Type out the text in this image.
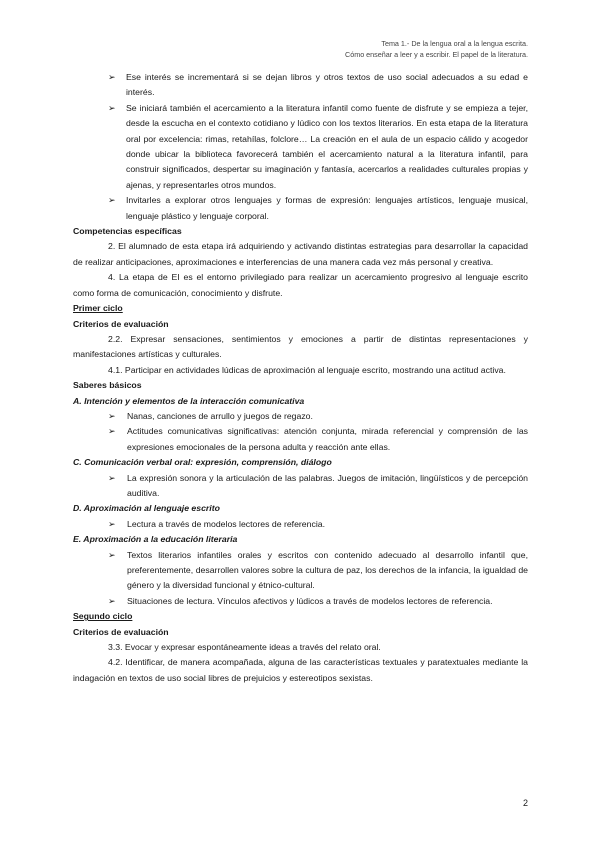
Tema 1.- De la lengua oral a la lengua escrita.
Cómo enseñar a leer y a escribir. El papel de la literatura.
➢ Ese interés se incrementará si se dejan libros y otros textos de uso social adecuados a su edad e interés.
➢ Se iniciará también el acercamiento a la literatura infantil como fuente de disfrute y se empieza a tejer, desde la escucha en el contexto cotidiano y lúdico con los textos literarios. En esta etapa de la literatura oral por excelencia: rimas, retahílas, folclore… La creación en el aula de un espacio cálido y acogedor donde ubicar la biblioteca favorecerá también el acercamiento natural a la literatura infantil, para construir significados, despertar su imaginación y fantasía, acercarlos a realidades culturales propias y ajenas, y representarles otros mundos.
➢ Invitarles a explorar otros lenguajes y formas de expresión: lenguajes artísticos, lenguaje musical, lenguaje plástico y lenguaje corporal.
Competencias específicas
2. El alumnado de esta etapa irá adquiriendo y activando distintas estrategias para desarrollar la capacidad de realizar anticipaciones, aproximaciones e interferencias de una manera cada vez más personal y creativa.
4. La etapa de EI es el entorno privilegiado para realizar un acercamiento progresivo al lenguaje escrito como forma de comunicación, conocimiento y disfrute.
Primer ciclo
Criterios de evaluación
2.2. Expresar sensaciones, sentimientos y emociones a partir de distintas representaciones y manifestaciones artísticas y culturales.
4.1. Participar en actividades lúdicas de aproximación al lenguaje escrito, mostrando una actitud activa.
Saberes básicos
A. Intención y elementos de la interacción comunicativa
➢ Nanas, canciones de arrullo y juegos de regazo.
➢ Actitudes comunicativas significativas: atención conjunta, mirada referencial y comprensión de las expresiones emocionales de la persona adulta y reacción ante ellas.
C. Comunicación verbal oral: expresión, comprensión, diálogo
➢ La expresión sonora y la articulación de las palabras. Juegos de imitación, lingüísticos y de percepción auditiva.
D. Aproximación al lenguaje escrito
➢ Lectura a través de modelos lectores de referencia.
E. Aproximación a la educación literaria
➢ Textos literarios infantiles orales y escritos con contenido adecuado al desarrollo infantil que, preferentemente, desarrollen valores sobre la cultura de paz, los derechos de la infancia, la igualdad de género y la diversidad funcional y étnico-cultural.
➢ Situaciones de lectura. Vínculos afectivos y lúdicos a través de modelos lectores de referencia.
Segundo ciclo
Criterios de evaluación
3.3. Evocar y expresar espontáneamente ideas a través del relato oral.
4.2. Identificar, de manera acompañada, alguna de las características textuales y paratextuales mediante la indagación en textos de uso social libres de prejuicios y estereotipos sexistas.
2
